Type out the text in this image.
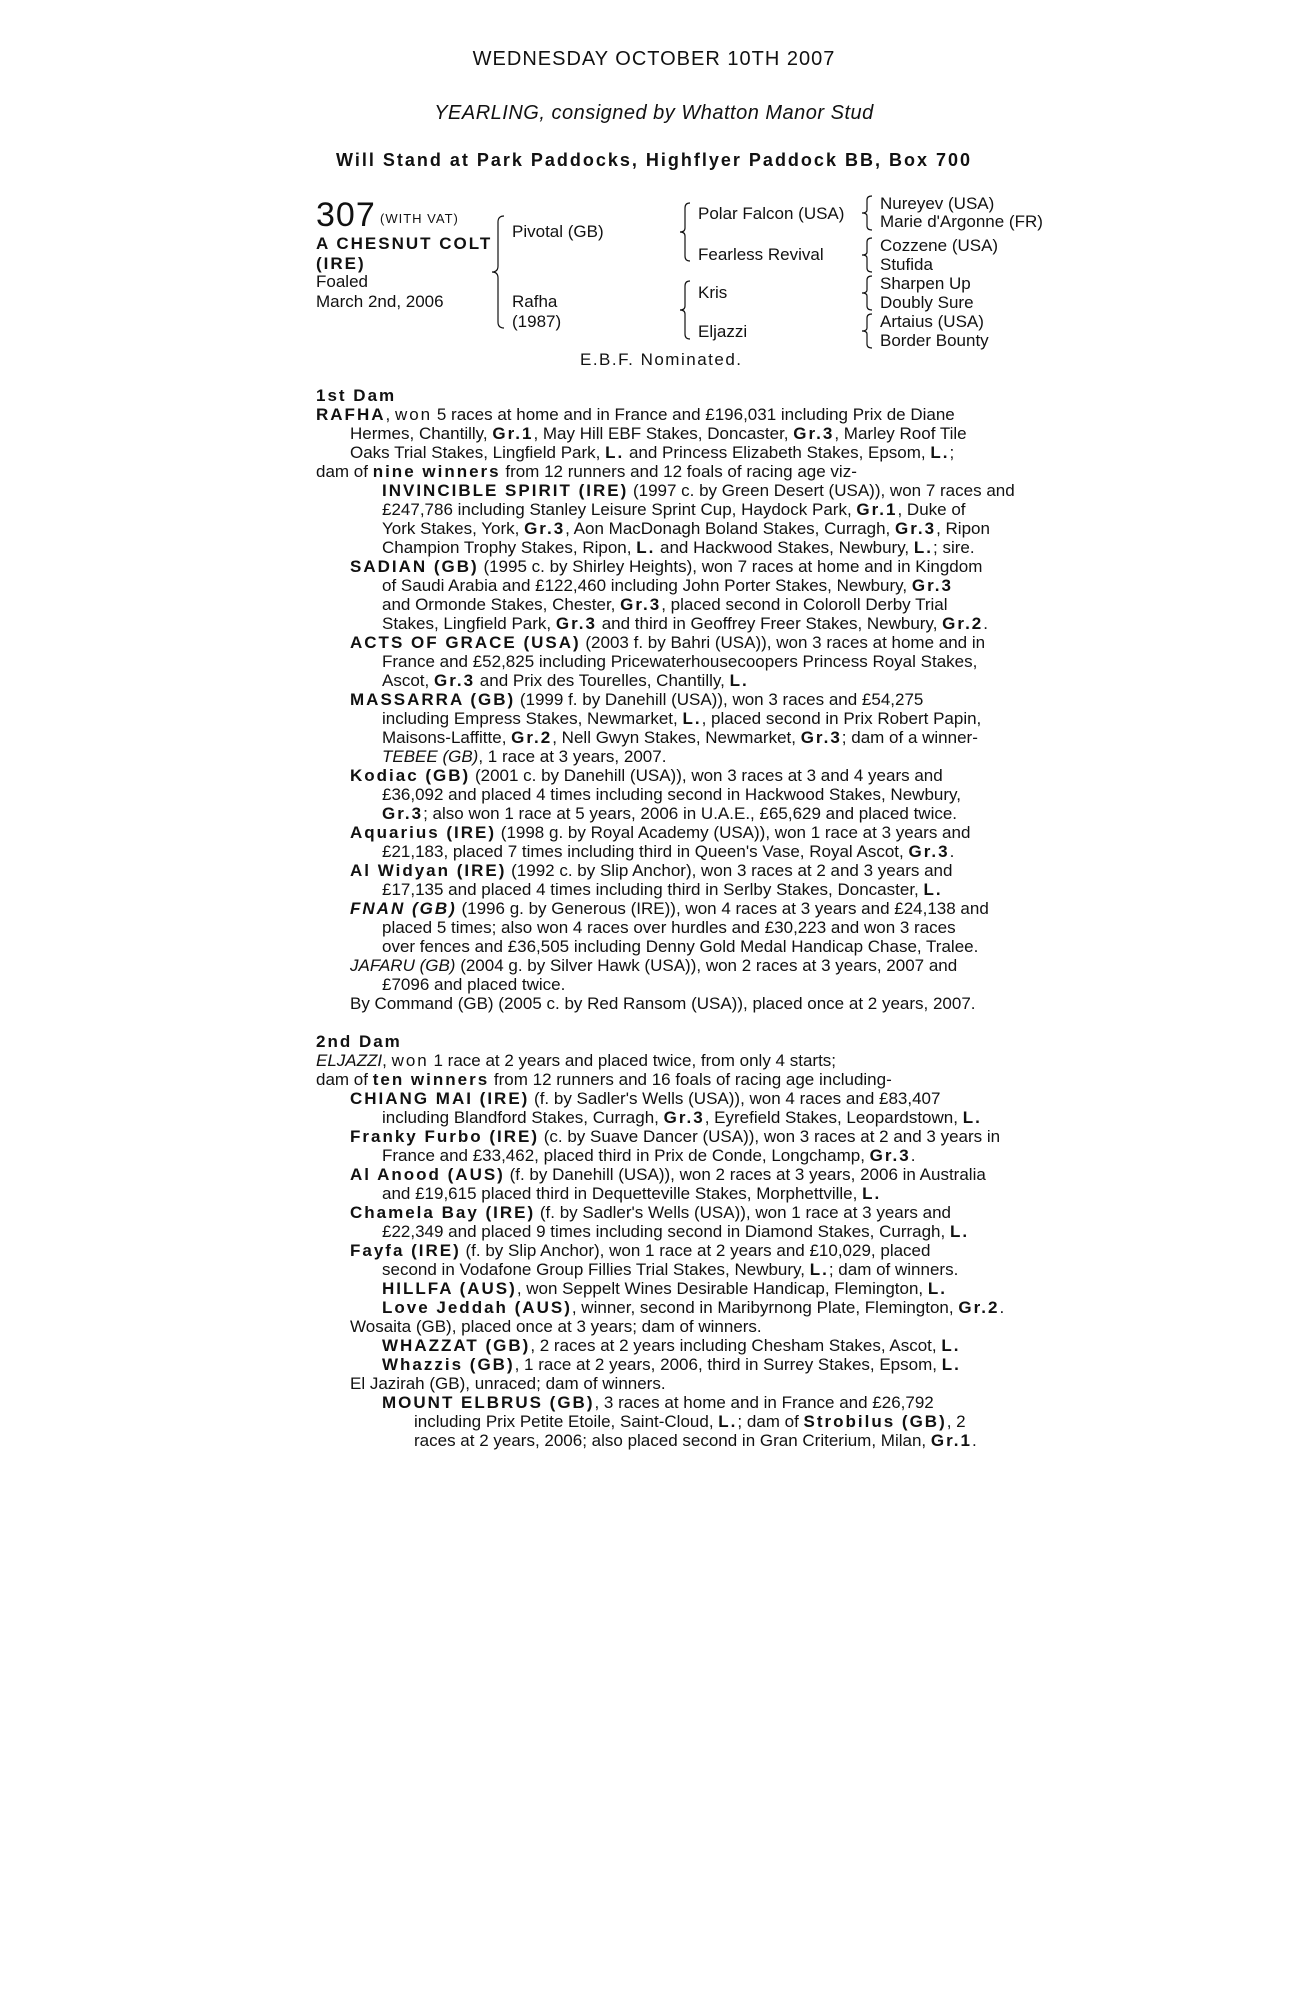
WEDNESDAY OCTOBER 10TH 2007
YEARLING, consigned by Whatton Manor Stud
Will Stand at Park Paddocks, Highflyer Paddock BB, Box 700
307 (WITH VAT)
A CHESNUT COLT
(IRE)
Foaled
March 2nd, 2006
Pivotal (GB)
Rafha
(1987)
Polar Falcon (USA)
Fearless Revival
Kris
Eljazzi
Nureyev (USA)
Marie d'Argonne (FR)
Cozzene (USA)
Stufida
Sharpen Up
Doubly Sure
Artaius (USA)
Border Bounty
E.B.F. Nominated.
1st Dam
RAFHA, won 5 races at home and in France and £196,031 including Prix de Diane
Hermes, Chantilly, Gr.1, May Hill EBF Stakes, Doncaster, Gr.3, Marley Roof Tile
Oaks Trial Stakes, Lingfield Park, L. and Princess Elizabeth Stakes, Epsom, L.;
dam of nine winners from 12 runners and 12 foals of racing age viz-
INVINCIBLE SPIRIT (IRE) (1997 c. by Green Desert (USA)), won 7 races and
£247,786 including Stanley Leisure Sprint Cup, Haydock Park, Gr.1, Duke of
York Stakes, York, Gr.3, Aon MacDonagh Boland Stakes, Curragh, Gr.3, Ripon
Champion Trophy Stakes, Ripon, L. and Hackwood Stakes, Newbury, L.; sire.
SADIAN (GB) (1995 c. by Shirley Heights), won 7 races at home and in Kingdom
of Saudi Arabia and £122,460 including John Porter Stakes, Newbury, Gr.3
and Ormonde Stakes, Chester, Gr.3, placed second in Coloroll Derby Trial
Stakes, Lingfield Park, Gr.3 and third in Geoffrey Freer Stakes, Newbury, Gr.2.
ACTS OF GRACE (USA) (2003 f. by Bahri (USA)), won 3 races at home and in
France and £52,825 including Pricewaterhousecoopers Princess Royal Stakes,
Ascot, Gr.3 and Prix des Tourelles, Chantilly, L.
MASSARRA (GB) (1999 f. by Danehill (USA)), won 3 races and £54,275
including Empress Stakes, Newmarket, L., placed second in Prix Robert Papin,
Maisons-Laffitte, Gr.2, Nell Gwyn Stakes, Newmarket, Gr.3; dam of a winner-
TEBEE (GB), 1 race at 3 years, 2007.
Kodiac (GB) (2001 c. by Danehill (USA)), won 3 races at 3 and 4 years and
£36,092 and placed 4 times including second in Hackwood Stakes, Newbury,
Gr.3; also won 1 race at 5 years, 2006 in U.A.E., £65,629 and placed twice.
Aquarius (IRE) (1998 g. by Royal Academy (USA)), won 1 race at 3 years and
£21,183, placed 7 times including third in Queen's Vase, Royal Ascot, Gr.3.
Al Widyan (IRE) (1992 c. by Slip Anchor), won 3 races at 2 and 3 years and
£17,135 and placed 4 times including third in Serlby Stakes, Doncaster, L.
FNAN (GB) (1996 g. by Generous (IRE)), won 4 races at 3 years and £24,138 and
placed 5 times; also won 4 races over hurdles and £30,223 and won 3 races
over fences and £36,505 including Denny Gold Medal Handicap Chase, Tralee.
JAFARU (GB) (2004 g. by Silver Hawk (USA)), won 2 races at 3 years, 2007 and
£7096 and placed twice.
By Command (GB) (2005 c. by Red Ransom (USA)), placed once at 2 years, 2007.
2nd Dam
ELJAZZI, won 1 race at 2 years and placed twice, from only 4 starts;
dam of ten winners from 12 runners and 16 foals of racing age including-
CHIANG MAI (IRE) (f. by Sadler's Wells (USA)), won 4 races and £83,407
including Blandford Stakes, Curragh, Gr.3, Eyrefield Stakes, Leopardstown, L.
Franky Furbo (IRE) (c. by Suave Dancer (USA)), won 3 races at 2 and 3 years in
France and £33,462, placed third in Prix de Conde, Longchamp, Gr.3.
Al Anood (AUS) (f. by Danehill (USA)), won 2 races at 3 years, 2006 in Australia
and £19,615 placed third in Dequetteville Stakes, Morphettville, L.
Chamela Bay (IRE) (f. by Sadler's Wells (USA)), won 1 race at 3 years and
£22,349 and placed 9 times including second in Diamond Stakes, Curragh, L.
Fayfa (IRE) (f. by Slip Anchor), won 1 race at 2 years and £10,029, placed
second in Vodafone Group Fillies Trial Stakes, Newbury, L.; dam of winners.
HILLFA (AUS), won Seppelt Wines Desirable Handicap, Flemington, L.
Love Jeddah (AUS), winner, second in Maribyrnong Plate, Flemington, Gr.2.
Wosaita (GB), placed once at 3 years; dam of winners.
WHAZZAT (GB), 2 races at 2 years including Chesham Stakes, Ascot, L.
Whazzis (GB), 1 race at 2 years, 2006, third in Surrey Stakes, Epsom, L.
El Jazirah (GB), unraced; dam of winners.
MOUNT ELBRUS (GB), 3 races at home and in France and £26,792
including Prix Petite Etoile, Saint-Cloud, L.; dam of Strobilus (GB), 2
races at 2 years, 2006; also placed second in Gran Criterium, Milan, Gr.1.
